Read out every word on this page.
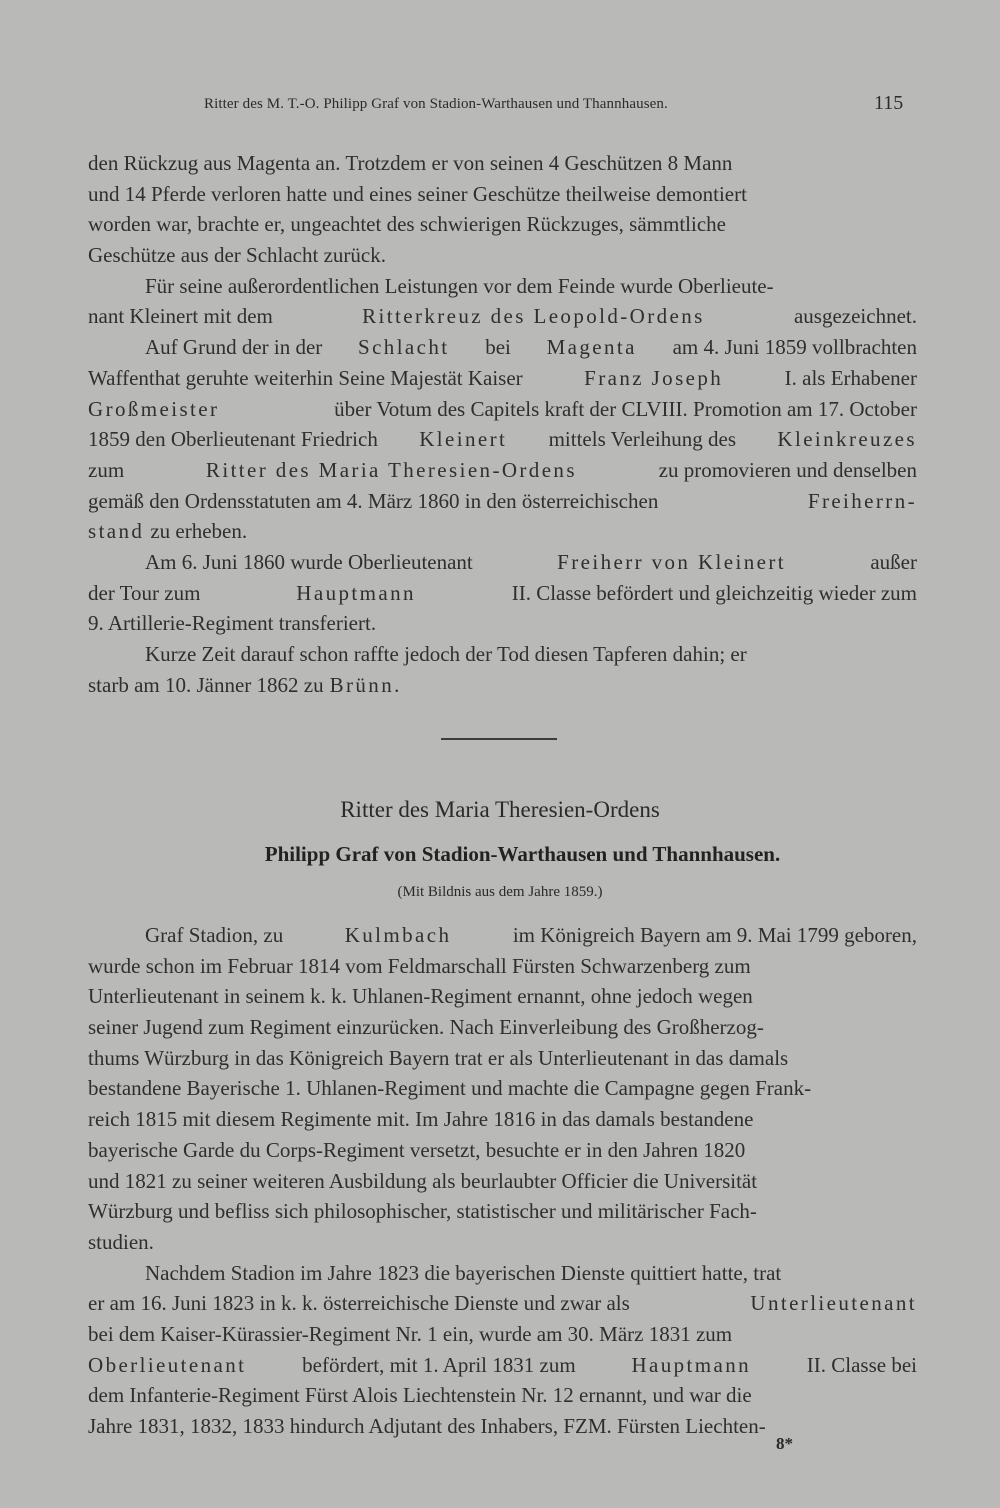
Ritter des M. T.-O. Philipp Graf von Stadion-Warthausen und Thannhausen.	115
den Rückzug aus Magenta an. Trotzdem er von seinen 4 Geschützen 8 Mann
und 14 Pferde verloren hatte und eines seiner Geschütze theilweise demontiert
worden war, brachte er, ungeachtet des schwierigen Rückzuges, sämmtliche
Geschütze aus der Schlacht zurück.
Für seine außerordentlichen Leistungen vor dem Feinde wurde Oberlieute-
nant Kleinert mit dem	Ritterkreuz des Leopold-Ordens	ausgezeichnet.
Auf Grund der in der Schlacht bei Magenta am 4. Juni 1859 vollbrachten
Waffenthat geruhte weiterhin Seine Majestät Kaiser	Franz Joseph	I. als Erhabener
Großmeister	über Votum des Capitels kraft der CLVIII. Promotion am 17. October
1859 den Oberlieutenant Friedrich Kleinert mittels Verleihung des Kleinkreuzes
zum	Ritter des Maria Theresien-Ordens	zu promovieren und denselben
gemäß den Ordensstatuten am 4. März 1860 in den österreichischen	Freiherrn-
stand zu erheben.
Am 6. Juni 1860 wurde Oberlieutenant	Freiherr von Kleinert	außer
der Tour zum	Hauptmann	II. Classe befördert und gleichzeitig wieder zum
9. Artillerie-Regiment transferiert.
Kurze Zeit darauf schon raffte jedoch der Tod diesen Tapferen dahin; er
starb am 10. Jänner 1862 zu Brünn.
Ritter des Maria Theresien-Ordens
Philipp Graf von Stadion-Warthausen und Thannhausen.
(Mit Bildnis aus dem Jahre 1859.)
Graf Stadion, zu	Kulmbach	im Königreich Bayern am 9. Mai 1799 geboren,
wurde schon im Februar 1814 vom Feldmarschall Fürsten Schwarzenberg zum
Unterlieutenant in seinem k. k. Uhlanen-Regiment ernannt, ohne jedoch wegen
seiner Jugend zum Regiment einzurücken. Nach Einverleibung des Großherzog-
thums Würzburg in das Königreich Bayern trat er als Unterlieutenant in das damals
bestandene Bayerische 1. Uhlanen-Regiment und machte die Campagne gegen Frank-
reich 1815 mit diesem Regimente mit. Im Jahre 1816 in das damals bestandene
bayerische Garde du Corps-Regiment versetzt, besuchte er in den Jahren 1820
und 1821 zu seiner weiteren Ausbildung als beurlaubter Officier die Universität
Würzburg und befliss sich philosophischer, statistischer und militärischer Fach-
studien.
Nachdem Stadion im Jahre 1823 die bayerischen Dienste quittiert hatte, trat
er am 16. Juni 1823 in k. k. österreichische Dienste und zwar als	Unterlieutenant
bei dem Kaiser-Kürassier-Regiment Nr. 1 ein, wurde am 30. März 1831 zum
Oberlieutenant	befördert, mit 1. April 1831 zum	Hauptmann	II. Classe bei
dem Infanterie-Regiment Fürst Alois Liechtenstein Nr. 12 ernannt, und war die
Jahre 1831, 1832, 1833 hindurch Adjutant des Inhabers, FZM. Fürsten Liechten-
8*
